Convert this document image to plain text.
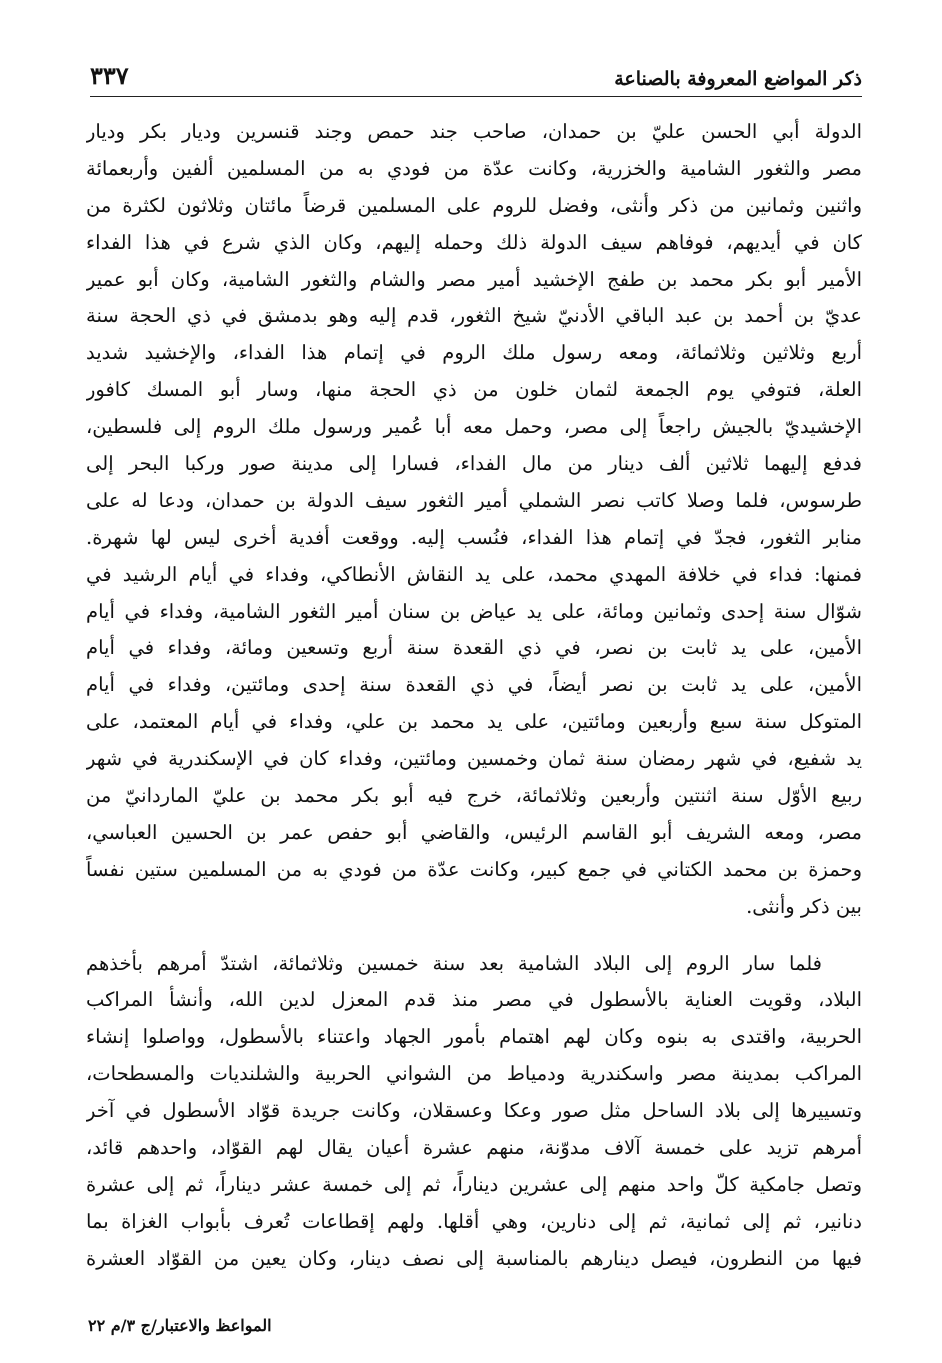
٣٣٧	ذكر المواضع المعروفة بالصناعة
الدولة أبي الحسن عليّ بن حمدان، صاحب جند حمص وجند قنسرين وديار بكر وديار
مصر والثغور الشامية والخزرية، وكانت عدّة من فودي به من المسلمين ألفين وأربعمائة
واثنين وثمانين من ذكر وأنثى، وفضل للروم على المسلمين قرضاً مائتان وثلاثون لكثرة من
كان في أيديهم، فوفاهم سيف الدولة ذلك وحمله إليهم، وكان الذي شرع في هذا الفداء
الأمير أبو بكر محمد بن طفج الإخشيد أمير مصر والشام والثغور الشامية، وكان أبو عمير
عديّ بن أحمد بن عبد الباقي الأدنيّ شيخ الثغور، قدم إليه وهو بدمشق في ذي الحجة سنة
أربع وثلاثين وثلاثمائة، ومعه رسول ملك الروم في إتمام هذا الفداء، والإخشيد شديد
العلة، فتوفي يوم الجمعة لثمان خلون من ذي الحجة منها، وسار أبو المسك كافور
الإخشيديّ بالجيش راجعاً إلى مصر، وحمل معه أبا عُمير ورسول ملك الروم إلى فلسطين،
فدفع إليهما ثلاثين ألف دينار من مال الفداء، فسارا إلى مدينة صور وركبا البحر إلى
طرسوس، فلما وصلا كاتب نصر الشملي أمير الثغور سيف الدولة بن حمدان، ودعا له على
منابر الثغور، فجدّ في إتمام هذا الفداء، فنُسب إليه. ووقعت أفدية أخرى ليس لها شهرة.
فمنها: فداء في خلافة المهدي محمد، على يد النقاش الأنطاكي، وفداء في أيام الرشيد في
شوّال سنة إحدى وثمانين ومائة، على يد عياض بن سنان أمير الثغور الشامية، وفداء في أيام
الأمين، على يد ثابت بن نصر، في ذي القعدة سنة أربع وتسعين ومائة، وفداء في أيام
الأمين، على يد ثابت بن نصر أيضاً، في ذي القعدة سنة إحدى ومائتين، وفداء في أيام
المتوكل سنة سبع وأربعين ومائتين، على يد محمد بن علي، وفداء في أيام المعتمد، على
يد شفيع، في شهر رمضان سنة ثمان وخمسين ومائتين، وفداء كان في الإسكندرية في شهر
ربيع الأوّل سنة اثنتين وأربعين وثلاثمائة، خرج فيه أبو بكر محمد بن عليّ الماردانيّ من
مصر، ومعه الشريف أبو القاسم الرئيس، والقاضي أبو حفص عمر بن الحسين العباسي،
وحمزة بن محمد الكتاني في جمع كبير، وكانت عدّة من فودي به من المسلمين ستين نفساً
بين ذكر وأنثى.
فلما سار الروم إلى البلاد الشامية بعد سنة خمسين وثلاثمائة، اشتدّ أمرهم بأخذهم
البلاد، وقويت العناية بالأسطول في مصر منذ قدم المعزل لدين الله، وأنشأ المراكب
الحربية، واقتدى به بنوه وكان لهم اهتمام بأمور الجهاد واعتناء بالأسطول، وواصلوا إنشاء
المراكب بمدينة مصر واسكندرية ودمياط من الشواني الحربية والشلنديات والمسطحات،
وتسييرها إلى بلاد الساحل مثل صور وعكا وعسقلان، وكانت جريدة قوّاد الأسطول في آخر
أمرهم تزيد على خمسة آلاف مدوّنة، منهم عشرة أعيان يقال لهم القوّاد، واحدهم قائد،
وتصل جامكية كلّ واحد منهم إلى عشرين ديناراً، ثم إلى خمسة عشر ديناراً، ثم إلى عشرة
دنانير، ثم إلى ثمانية، ثم إلى دنارين، وهي أقلها. ولهم إقطاعات تُعرف بأبواب الغزاة بما
فيها من النطرون، فيصل دينارهم بالمناسبة إلى نصف دينار، وكان يعين من القوّاد العشرة
المواعظ والاعتبار/ج ٣/م ٢٢
